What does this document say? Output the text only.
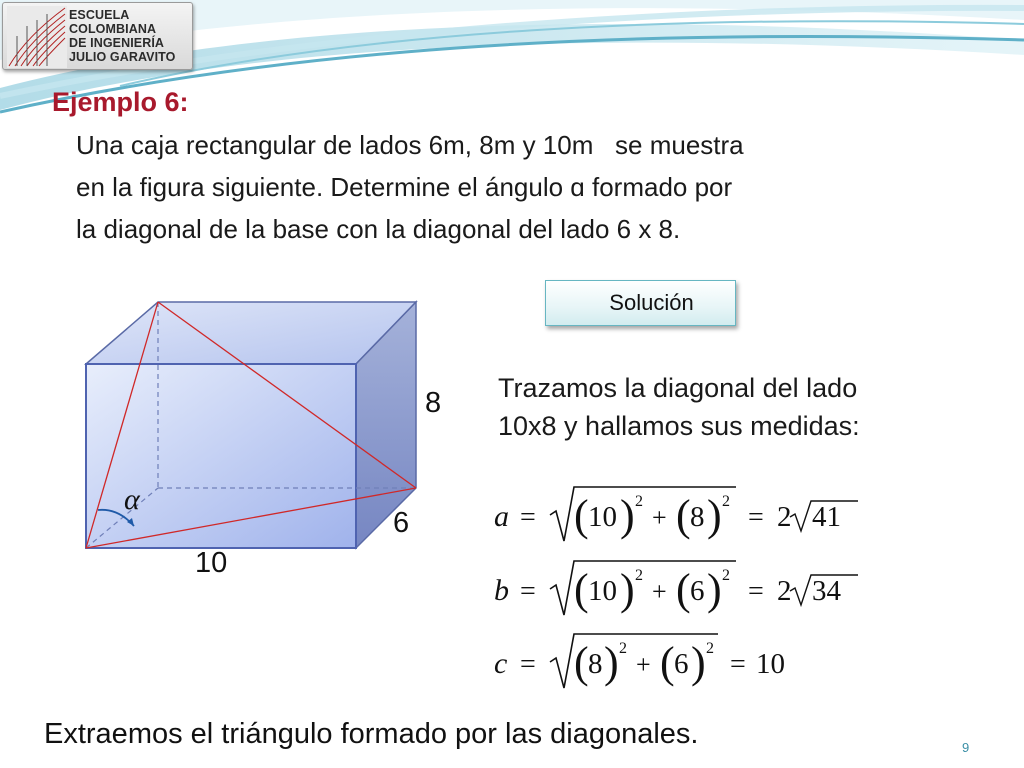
ESCUELA
COLOMBIANA
DE INGENIERÍA
JULIO GARAVITO
Ejemplo 6:
Una caja rectangular de lados 6m, 8m y 10m   se muestra
en la figura siguiente. Determine el ángulo ɑ formado por
la diagonal de la base con la diagonal del lado 6 x 8.
Solución
α
8
6
10
Trazamos la diagonal del lado
10x8 y hallamos sus medidas:
a = ( 10 ) 2
+ ( 8 ) 2
= 2 41
b = ( 10 ) 2
+ ( 6 ) 2
= 2 34
c = ( 8 ) 2
+ ( 6 ) 2
= 10
Extraemos el triángulo formado por las diagonales.	9
